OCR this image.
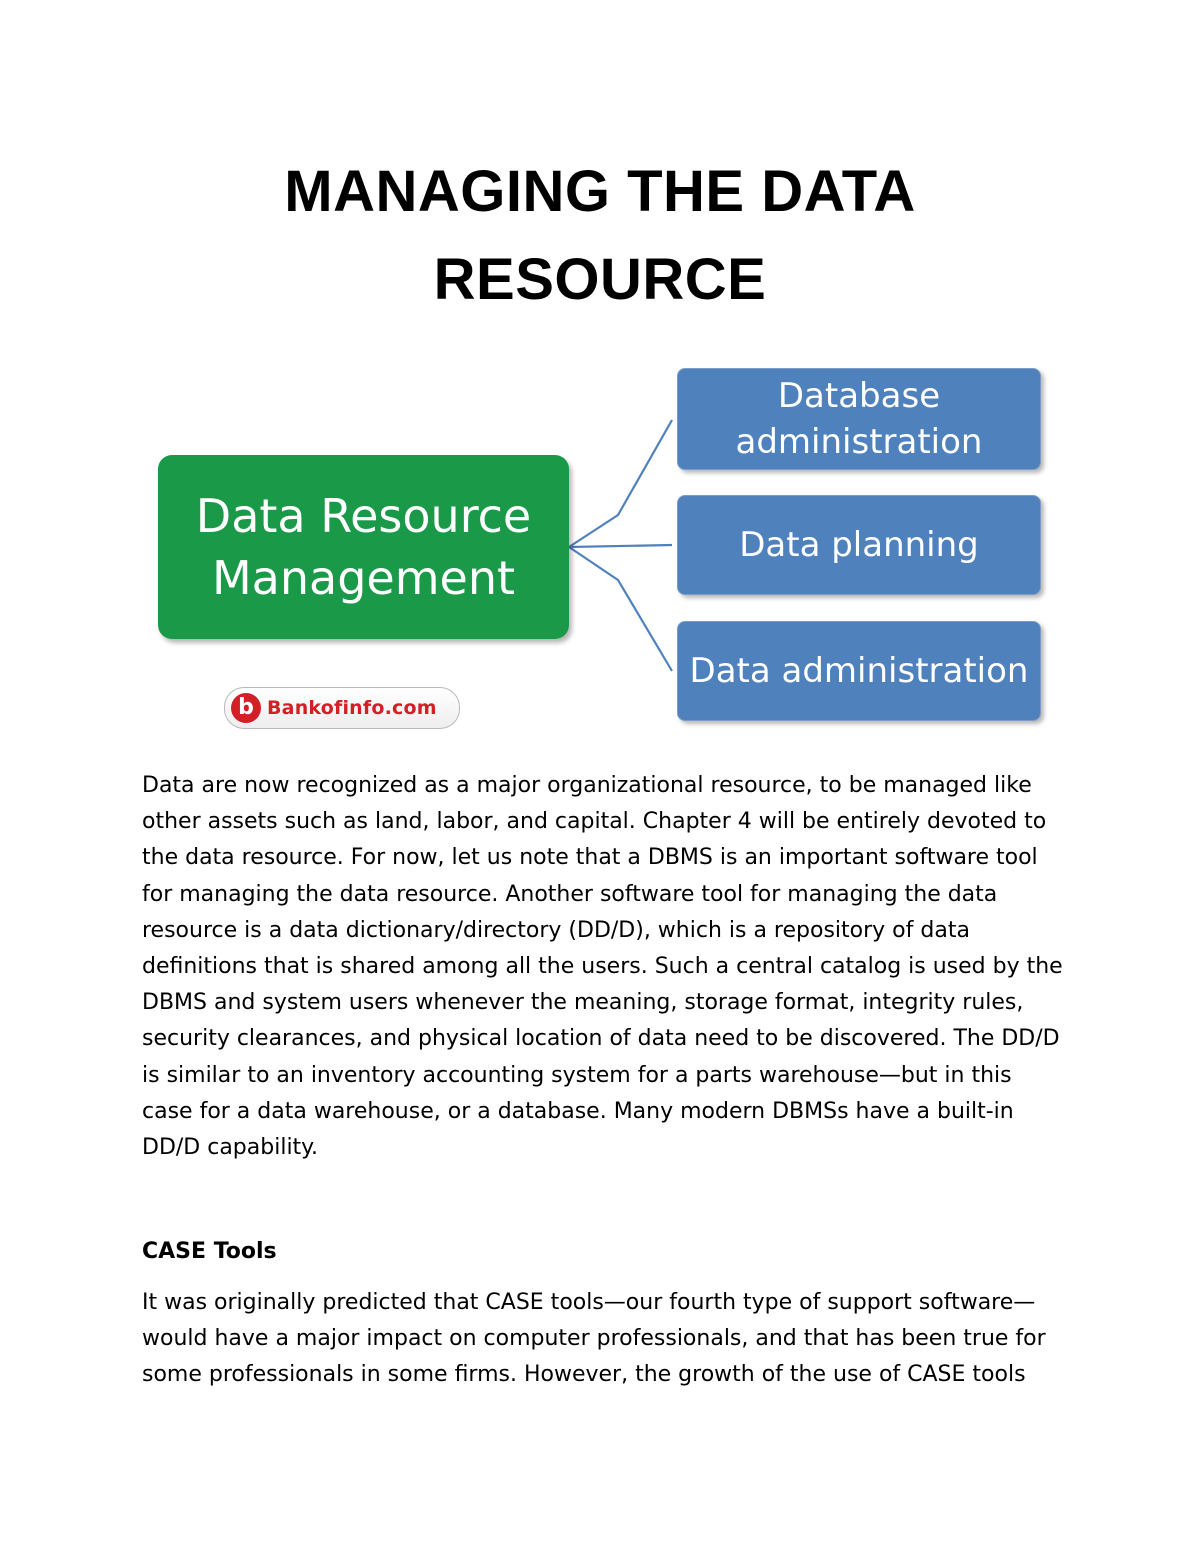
MANAGING THE DATA
RESOURCE
Data Resource Management
Database administration
Data planning
Data administration
b Bankofinfo.com

Data are now recognized as a major organizational resource, to be managed like
other assets such as land, labor, and capital. Chapter 4 will be entirely devoted to
the data resource. For now, let us note that a DBMS is an important software tool
for managing the data resource. Another software tool for managing the data
resource is a data dictionary/directory (DD/D), which is a repository of data
definitions that is shared among all the users. Such a central catalog is used by the
DBMS and system users whenever the meaning, storage format, integrity rules,
security clearances, and physical location of data need to be discovered. The DD/D
is similar to an inventory accounting system for a parts warehouse—but in this
case for a data warehouse, or a database. Many modern DBMSs have a built-in
DD/D capability.

CASE Tools

It was originally predicted that CASE tools—our fourth type of support software—
would have a major impact on computer professionals, and that has been true for
some professionals in some firms. However, the growth of the use of CASE tools
